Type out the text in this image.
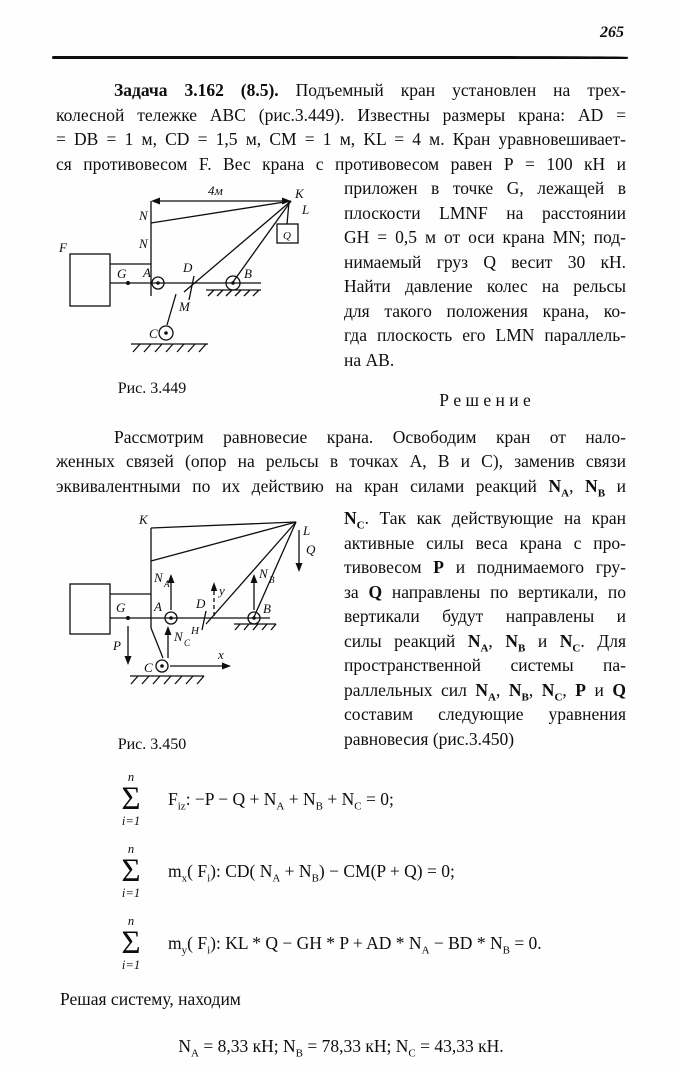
265
Задача 3.162 (8.5). Подъемный кран установлен на трех-
колесной тележке АВС (рис.3.449). Известны размеры крана: AD =
= DB = 1 м, CD = 1,5 м, СМ = 1 м, KL = 4 м. Кран уравновешивает-
ся противовесом F. Вес крана с противовесом равен Р = 100 кН и
4м	K
L
Q
N
N
F
G A D	B
M
C
Рис. 3.449
приложен в точке G, лежащей в
плоскости LMNF на расстоянии
GH = 0,5 м от оси крана MN; под-
нимаемый груз Q весит 30 кН.
Найти давление колес на рельсы
для такого положения крана, ко-
гда плоскость его LMN параллель-
на АВ.
Р е ш е н и е
Рассмотрим равновесие крана. Освободим кран от нало-
женных связей (опор на рельсы в точках А, В и С), заменив связи
эквивалентными по их действию на кран силами реакций $N_A$, $N_B$ и
K
L
Q
N A
N B
N C
y
x
Р
G A	D
H
B
C
Рис. 3.450
$N_C$. Так как действующие на кран
активные силы веса крана с про-
тивовесом Р и поднимаемого гру-
за Q направлены по вертикали, по
вертикали будут направлены и
силы реакций $N_A$, $N_B$ и $N_C$. Для
пространственной системы па-
раллельных сил $N_A$, $N_B$, $N_C$, Р и Q
составим следующие уравнения
равновесия (рис.3.450)
n
Σ
i=1
$F_{iz}$: $-P - Q + N_A + N_B + N_C = 0$;
n
Σ
i=1
$m_x$( $F_i$): CD( $N_A + N_B) - CM(P + Q) = 0$;
n
Σ
i=1
$m_y$( $F_i$): KL * Q − GH * P + AD * $N_A$ − BD * $N_B = 0$.
Решая систему, находим
$N_A = 8,33$ кН; $N_B = 78,33$ кН; $N_C = 43,33$ кН.
